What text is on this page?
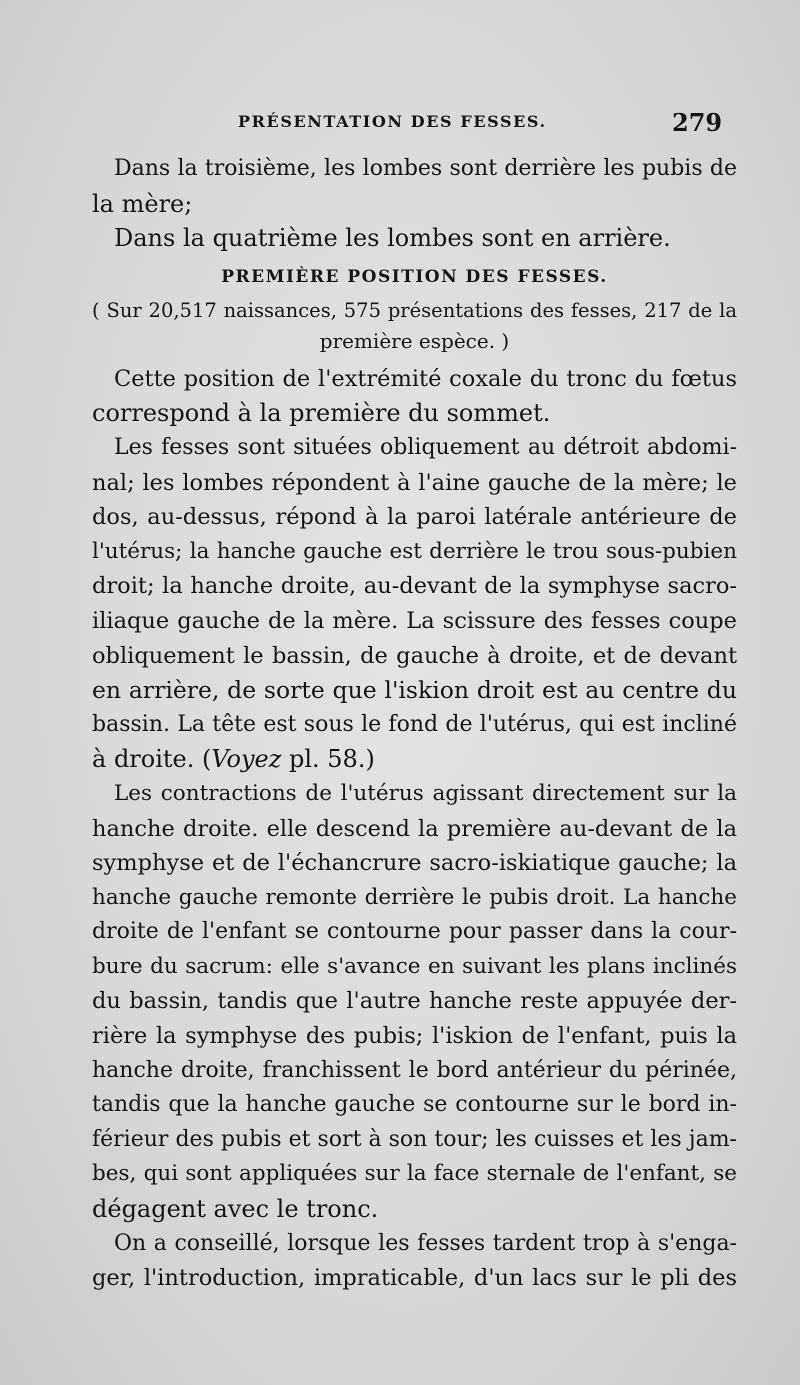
PRÉSENTATION DES FESSES.	279
Dans la troisième, les lombes sont derrière les pubis de
la mère;
Dans la quatrième les lombes sont en arrière.
PREMIÈRE POSITION DES FESSES.
( Sur 20,517 naissances, 575 présentations des fesses, 217 de la
première espèce. )
Cette position de l'extrémité coxale du tronc du fœtus
correspond à la première du sommet.
Les fesses sont situées obliquement au détroit abdomi-
nal; les lombes répondent à l'aine gauche de la mère; le
dos, au-dessus, répond à la paroi latérale antérieure de
l'utérus; la hanche gauche est derrière le trou sous-pubien
droit; la hanche droite, au-devant de la symphyse sacro-
iliaque gauche de la mère. La scissure des fesses coupe
obliquement le bassin, de gauche à droite, et de devant
en arrière, de sorte que l'iskion droit est au centre du
bassin. La tête est sous le fond de l'utérus, qui est incliné
à droite. (Voyez pl. 58.)
Les contractions de l'utérus agissant directement sur la
hanche droite. elle descend la première au-devant de la
symphyse et de l'échancrure sacro-iskiatique gauche; la
hanche gauche remonte derrière le pubis droit. La hanche
droite de l'enfant se contourne pour passer dans la cour-
bure du sacrum: elle s'avance en suivant les plans inclinés
du bassin, tandis que l'autre hanche reste appuyée der-
rière la symphyse des pubis; l'iskion de l'enfant, puis la
hanche droite, franchissent le bord antérieur du périnée,
tandis que la hanche gauche se contourne sur le bord in-
férieur des pubis et sort à son tour; les cuisses et les jam-
bes, qui sont appliquées sur la face sternale de l'enfant, se
dégagent avec le tronc.
On a conseillé, lorsque les fesses tardent trop à s'enga-
ger, l'introduction, impraticable, d'un lacs sur le pli des
